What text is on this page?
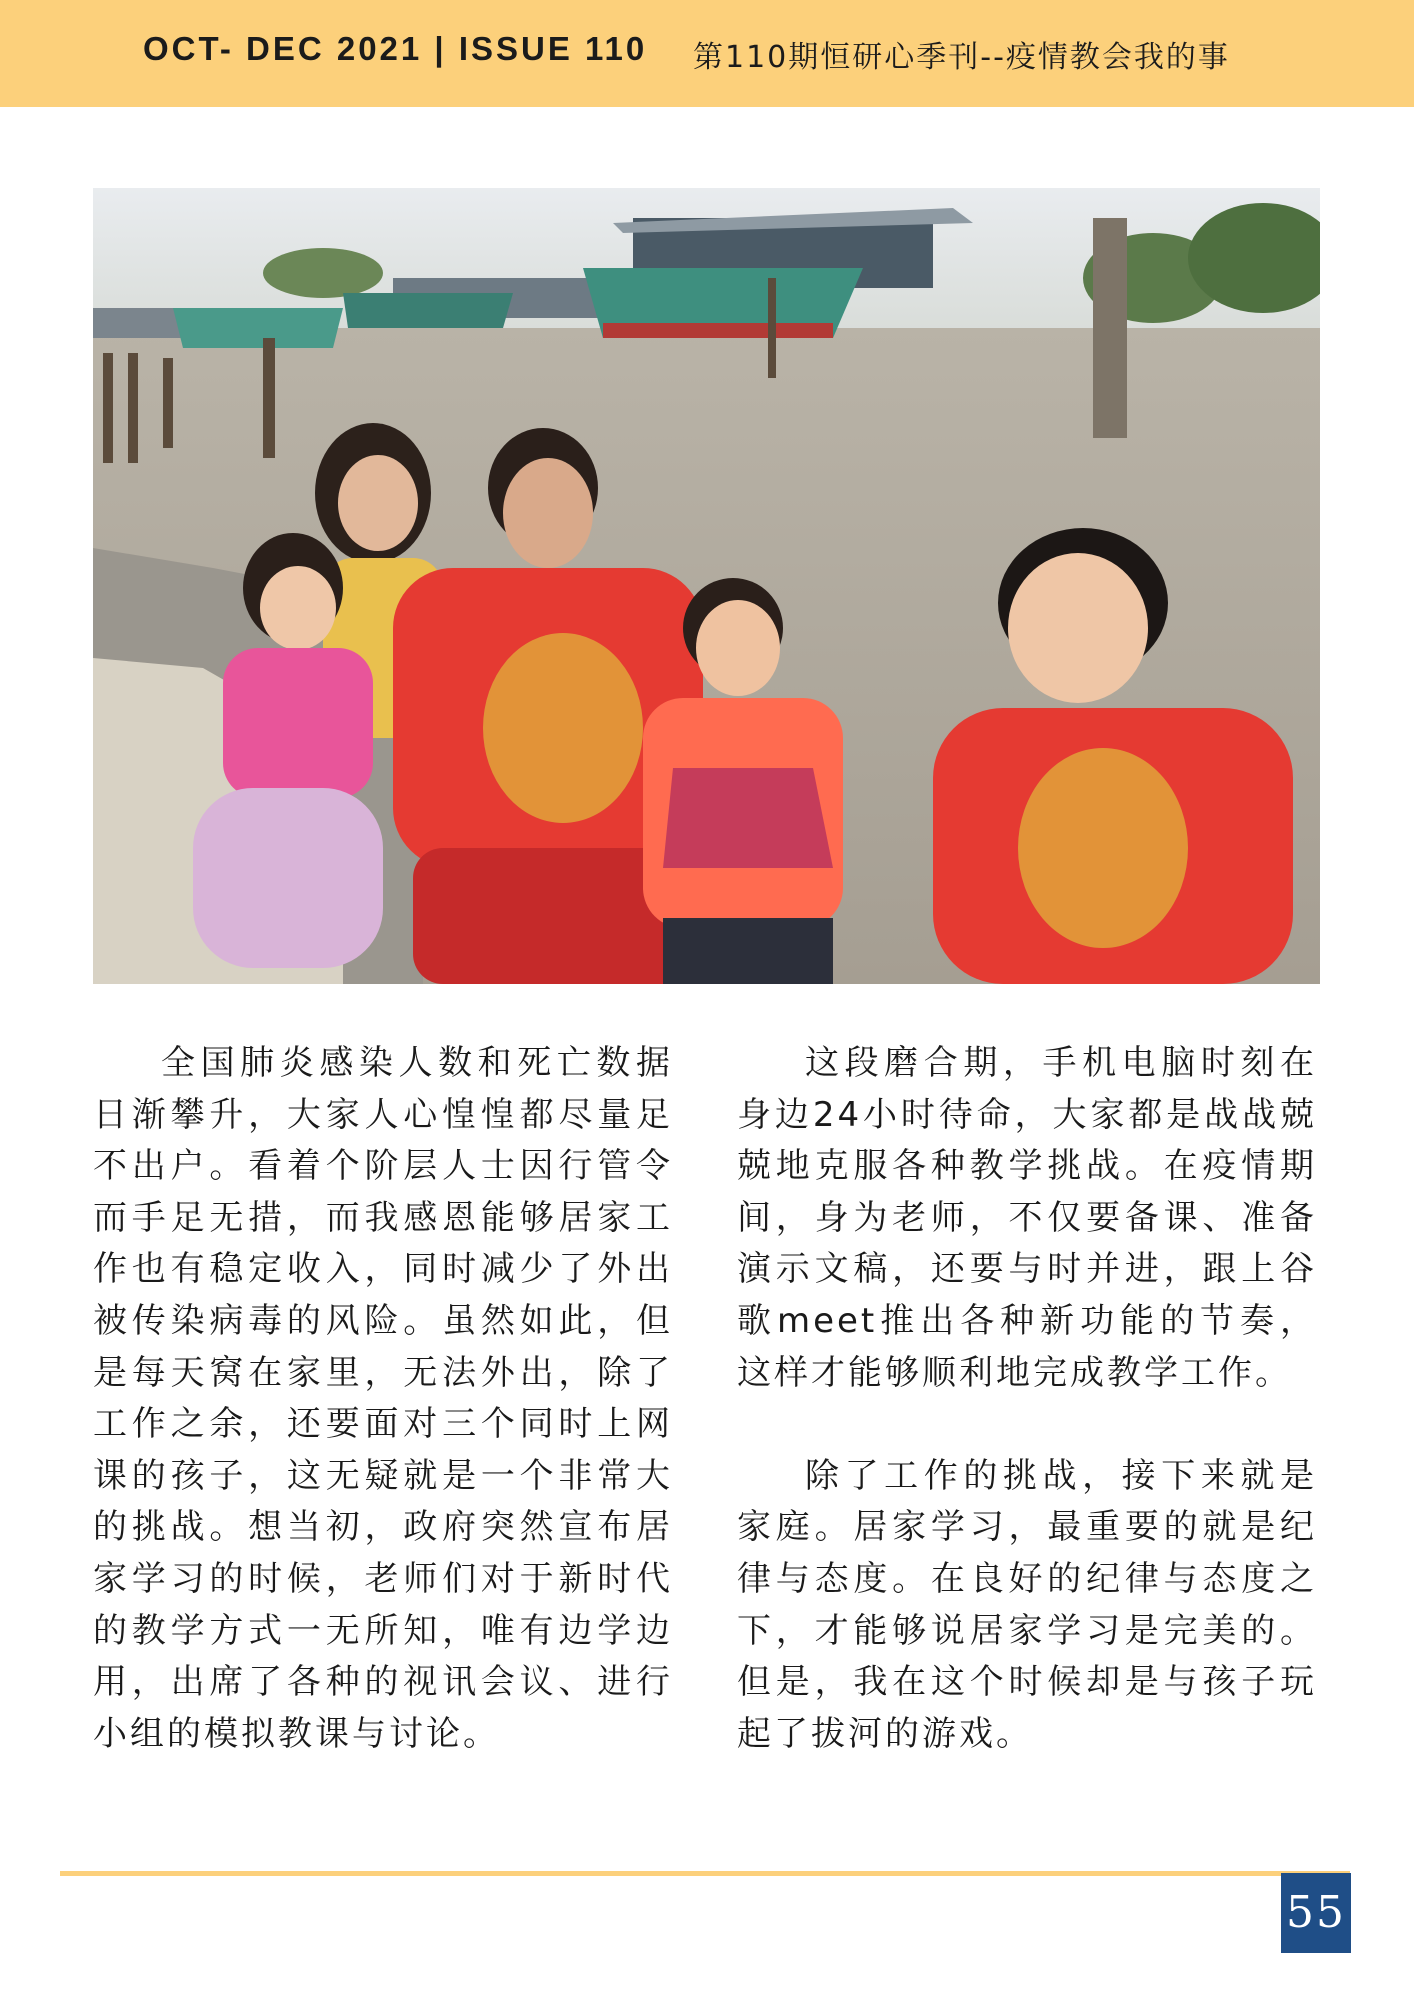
OCT- DEC 2021 | ISSUE 110 第110期恒研心季刊--疫情教会我的事

全国肺炎感染人数和死亡数据日渐攀升，大家人心惶惶都尽量足不出户。看着个阶层人士因行管令而手足无措，而我感恩能够居家工作也有稳定收入，同时减少了外出被传染病毒的风险。虽然如此，但是每天窝在家里，无法外出，除了工作之余，还要面对三个同时上网课的孩子，这无疑就是一个非常大的挑战。想当初，政府突然宣布居家学习的时候，老师们对于新时代的教学方式一无所知，唯有边学边用，出席了各种的视讯会议、进行小组的模拟教课与讨论。

这段磨合期，手机电脑时刻在身边24小时待命，大家都是战战兢兢地克服各种教学挑战。在疫情期间，身为老师，不仅要备课、准备演示文稿，还要与时并进，跟上谷歌meet推出各种新功能的节奏，这样才能够顺利地完成教学工作。

除了工作的挑战，接下来就是家庭。居家学习，最重要的就是纪律与态度。在良好的纪律与态度之下，才能够说居家学习是完美的。但是，我在这个时候却是与孩子玩起了拔河的游戏。

55
